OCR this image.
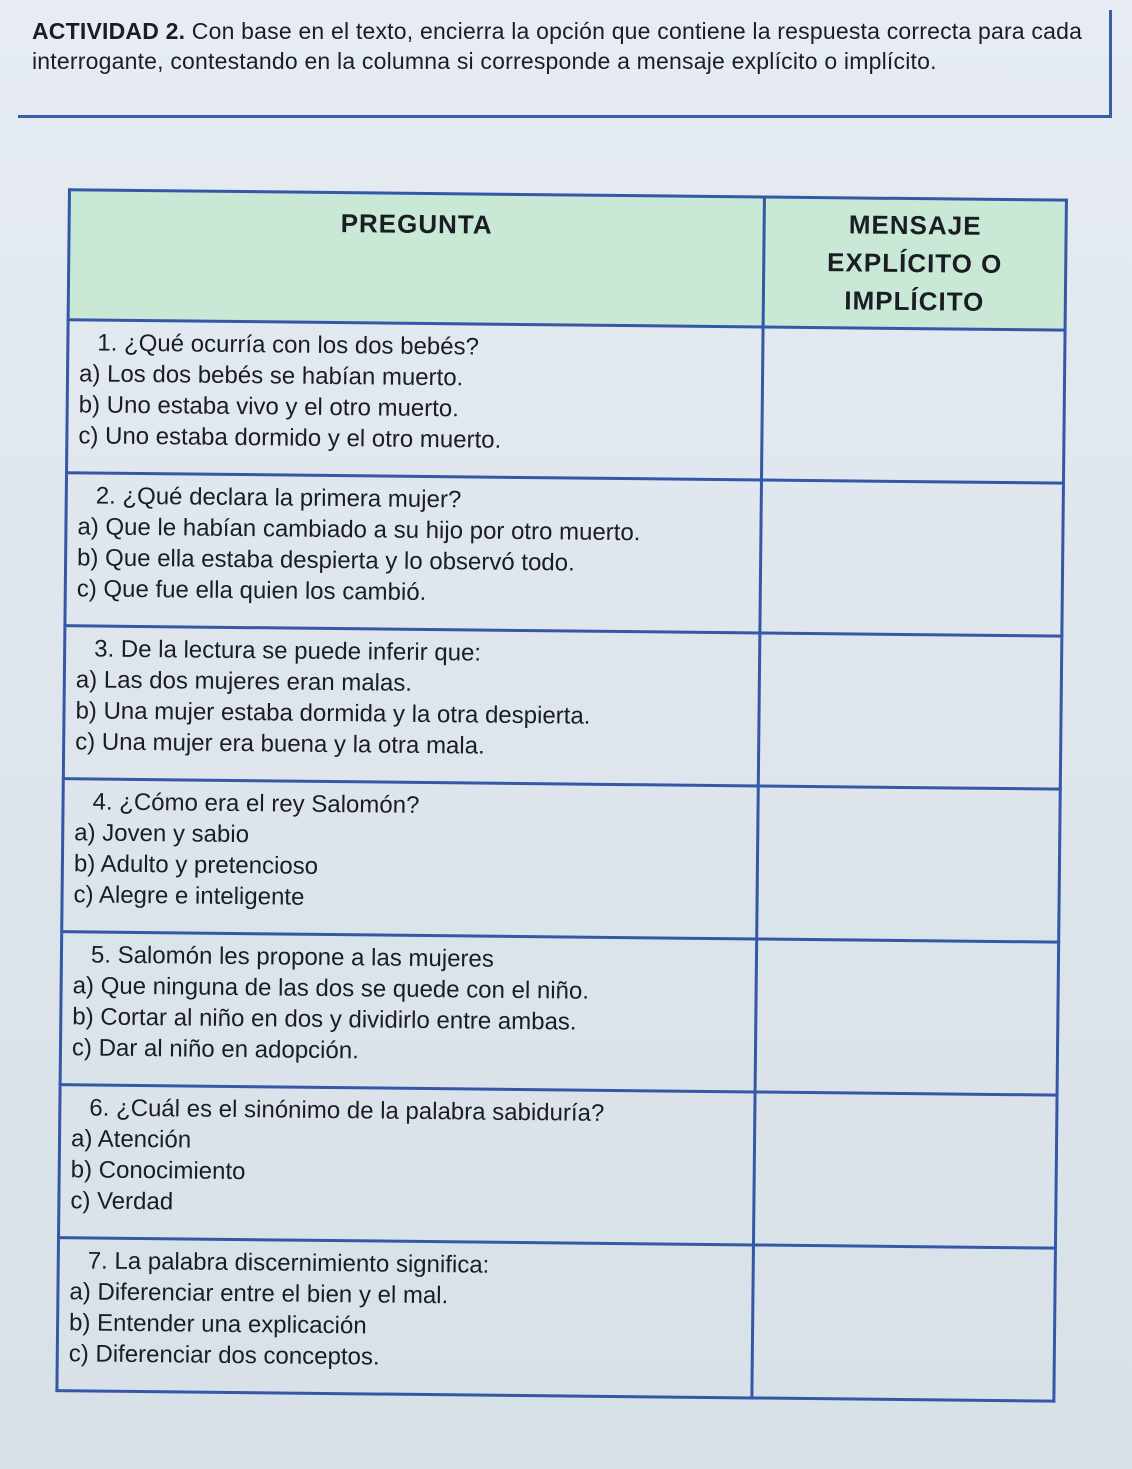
ACTIVIDAD 2. Con base en el texto, encierra la opción que contiene la respuesta correcta para cada interrogante, contestando en la columna si corresponde a mensaje explícito o implícito.

PREGUNTA	MENSAJE
EXPLÍCITO O
IMPLÍCITO

1. ¿Qué ocurría con los dos bebés?
a) Los dos bebés se habían muerto.
b) Uno estaba vivo y el otro muerto.
c) Uno estaba dormido y el otro muerto.	

2. ¿Qué declara la primera mujer?
a) Que le habían cambiado a su hijo por otro muerto.
b) Que ella estaba despierta y lo observó todo.
c) Que fue ella quien los cambió.	

3. De la lectura se puede inferir que:
a) Las dos mujeres eran malas.
b) Una mujer estaba dormida y la otra despierta.
c) Una mujer era buena y la otra mala.	

4. ¿Cómo era el rey Salomón?
a) Joven y sabio
b) Adulto y pretencioso
c) Alegre e inteligente	

5. Salomón les propone a las mujeres
a) Que ninguna de las dos se quede con el niño.
b) Cortar al niño en dos y dividirlo entre ambas.
c) Dar al niño en adopción.	

6. ¿Cuál es el sinónimo de la palabra sabiduría?
a) Atención
b) Conocimiento
c) Verdad	

7. La palabra discernimiento significa:
a) Diferenciar entre el bien y el mal.
b) Entender una explicación
c) Diferenciar dos conceptos.	
